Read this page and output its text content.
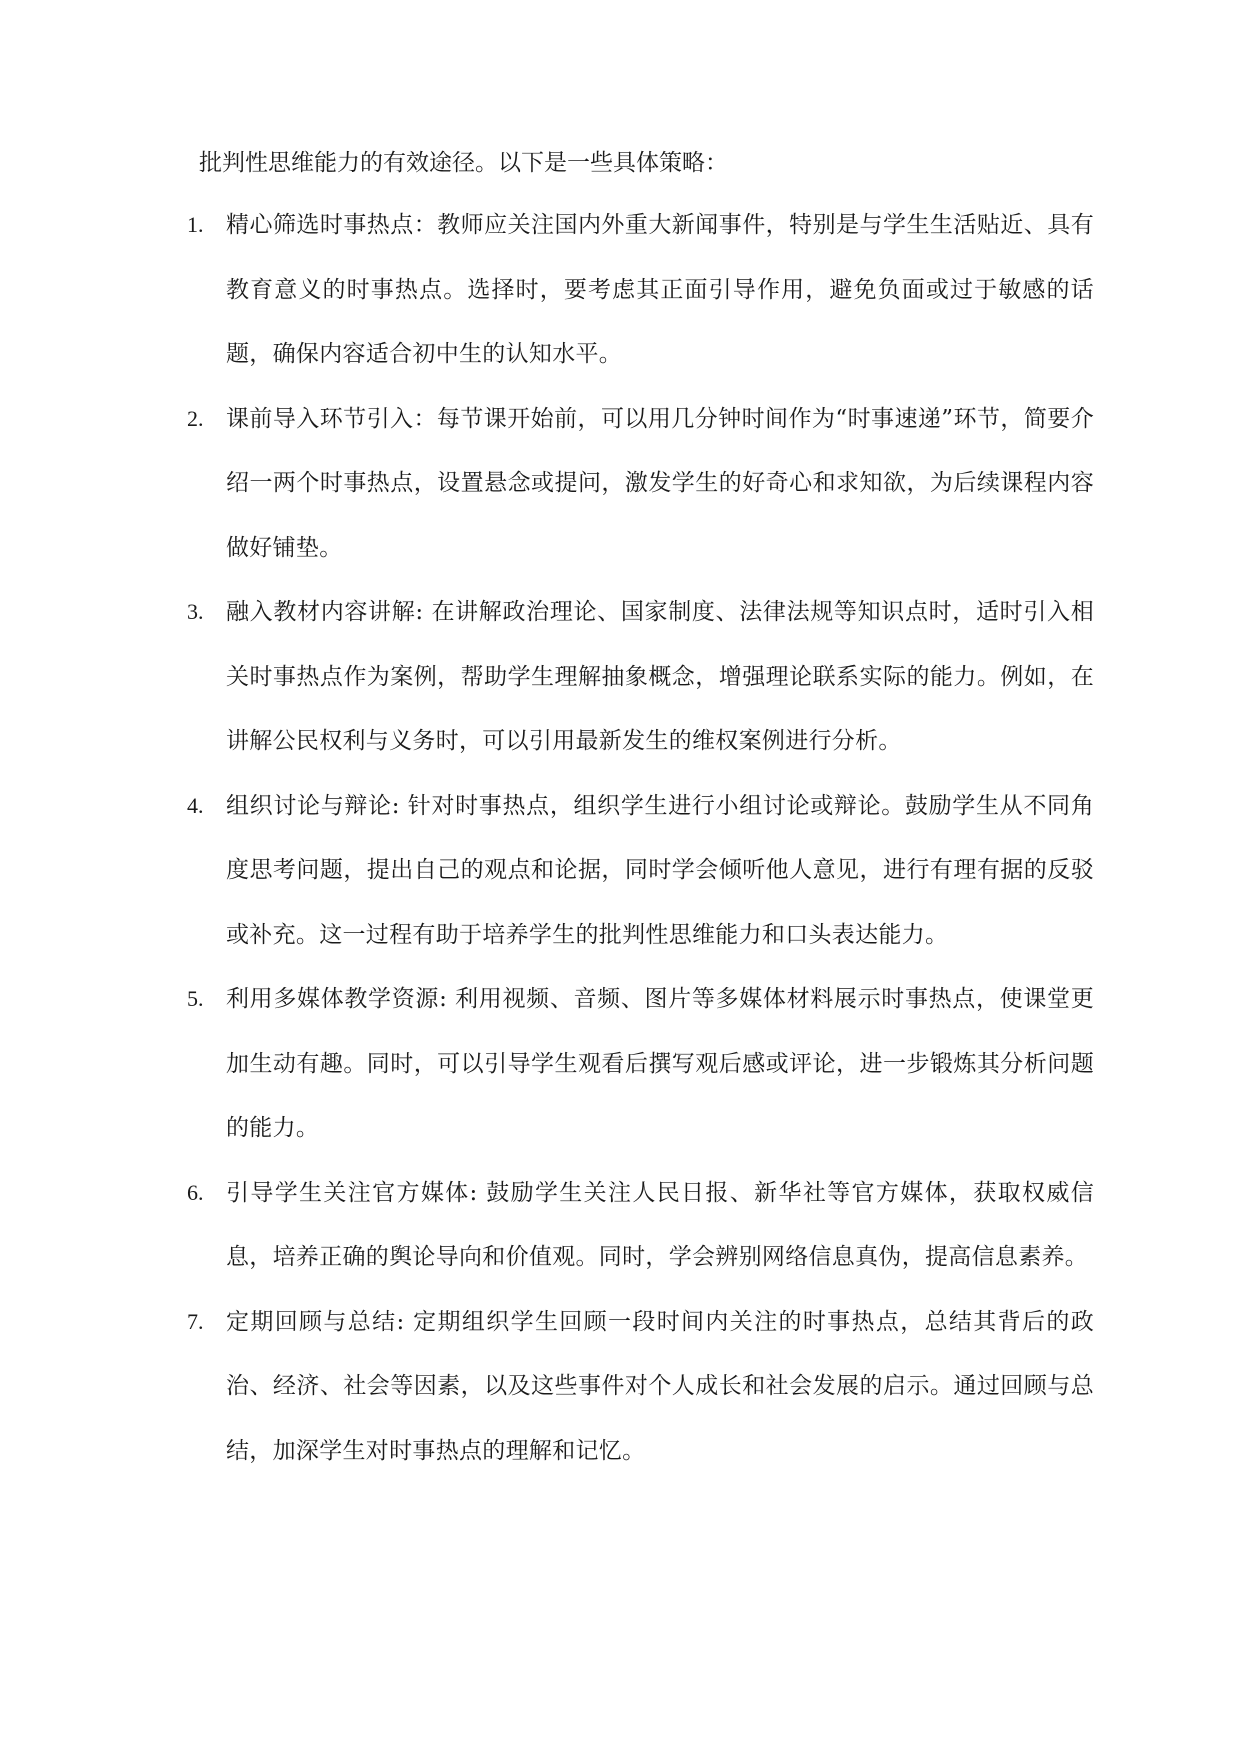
批判性思维能力的有效途径。以下是一些具体策略：
1. 精心筛选时事热点：教师应关注国内外重大新闻事件，特别是与学生生活贴近、具有教育意义的时事热点。选择时，要考虑其正面引导作用，避免负面或过于敏感的话题，确保内容适合初中生的认知水平。
2. 课前导入环节引入：每节课开始前，可以用几分钟时间作为“时事速递”环节，简要介绍一两个时事热点，设置悬念或提问，激发学生的好奇心和求知欲，为后续课程内容做好铺垫。
3. 融入教材内容讲解: 在讲解政治理论、国家制度、法律法规等知识点时，适时引入相关时事热点作为案例，帮助学生理解抽象概念，增强理论联系实际的能力。例如，在讲解公民权利与义务时，可以引用最新发生的维权案例进行分析。
4. 组织讨论与辩论: 针对时事热点，组织学生进行小组讨论或辩论。鼓励学生从不同角度思考问题，提出自己的观点和论据，同时学会倾听他人意见，进行有理有据的反驳或补充。这一过程有助于培养学生的批判性思维能力和口头表达能力。
5. 利用多媒体教学资源: 利用视频、音频、图片等多媒体材料展示时事热点，使课堂更加生动有趣。同时，可以引导学生观看后撰写观后感或评论，进一步锻炼其分析问题的能力。
6. 引导学生关注官方媒体: 鼓励学生关注人民日报、新华社等官方媒体，获取权威信息，培养正确的舆论导向和价值观。同时，学会辨别网络信息真伪，提高信息素养。
7. 定期回顾与总结: 定期组织学生回顾一段时间内关注的时事热点，总结其背后的政治、经济、社会等因素，以及这些事件对个人成长和社会发展的启示。通过回顾与总结，加深学生对时事热点的理解和记忆。
